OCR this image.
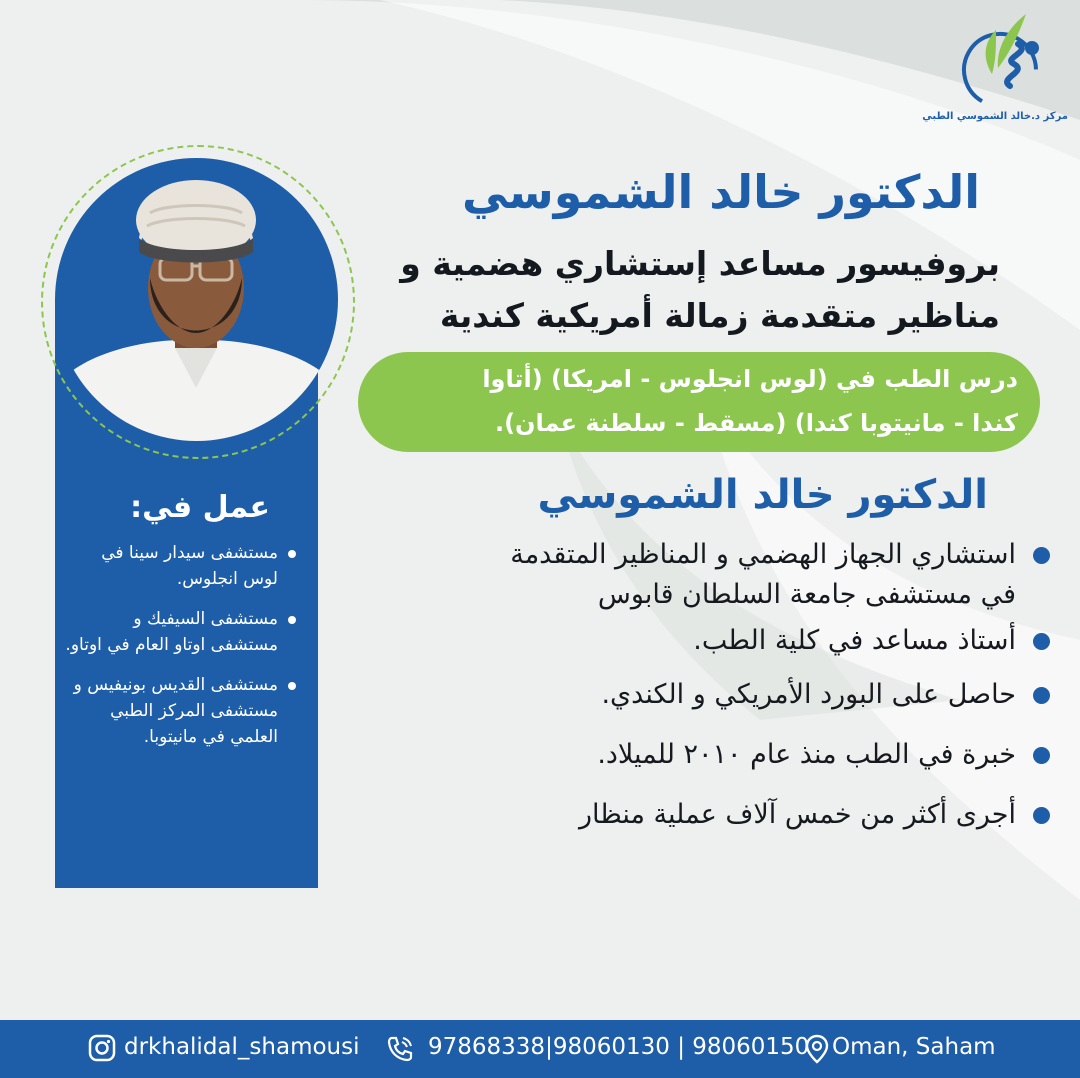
مركز د.خالد الشموسي الطبي
عمل في:
مستشفى سيدار سينا في لوس انجلوس.
مستشفى السيفيك و مستشفى اوتاو العام في اوتاو.
مستشفى القديس بونيفيس و مستشفى المركز الطبي العلمي في مانيتوبا.
الدكتور خالد الشموسي
بروفيسور مساعد إستشاري هضمية و
مناظير متقدمة زمالة أمريكية كندية
درس الطب في (لوس انجلوس - امريكا) (أتاوا
كندا - مانيتوبا كندا) (مسقط - سلطنة عمان).
الدكتور خالد الشموسي
استشاري الجهاز الهضمي و المناظير المتقدمة
في مستشفى جامعة السلطان قابوس
أستاذ مساعد في كلية الطب.
حاصل على البورد الأمريكي و الكندي.
خبرة في الطب منذ عام ٢٠١٠ للميلاد.
أجرى أكثر من خمس آلاف عملية منظار
drkhalidal_shamousi	97868338|98060130 | 98060150 Oman, Saham
